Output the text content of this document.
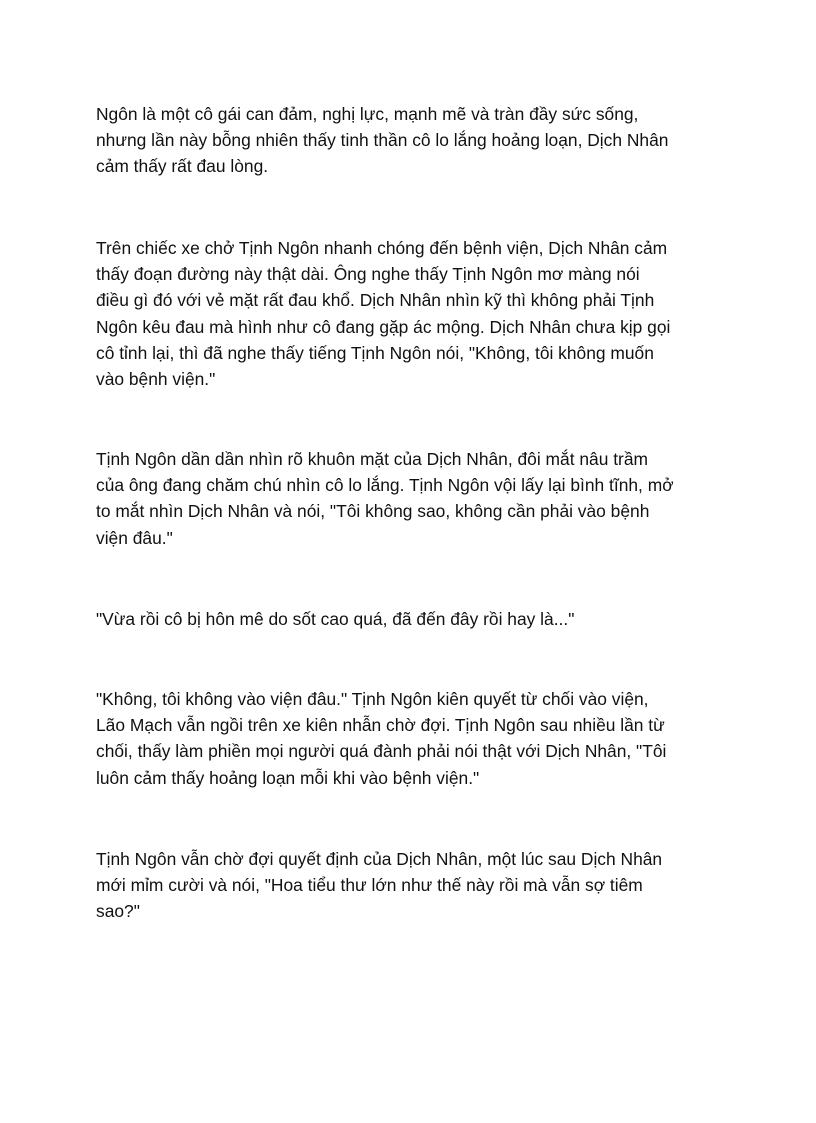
Ngôn là một cô gái can đảm, nghị lực, mạnh mẽ và tràn đầy sức sống,
nhưng lần này bỗng nhiên thấy tinh thần cô lo lắng hoảng loạn, Dịch Nhân
cảm thấy rất đau lòng.

Trên chiếc xe chở Tịnh Ngôn nhanh chóng đến bệnh viện, Dịch Nhân cảm
thấy đoạn đường này thật dài. Ông nghe thấy Tịnh Ngôn mơ màng nói
điều gì đó với vẻ mặt rất đau khổ. Dịch Nhân nhìn kỹ thì không phải Tịnh
Ngôn kêu đau mà hình như cô đang gặp ác mộng. Dịch Nhân chưa kịp gọi
cô tỉnh lại, thì đã nghe thấy tiếng Tịnh Ngôn nói, "Không, tôi không muốn
vào bệnh viện."

Tịnh Ngôn dần dần nhìn rõ khuôn mặt của Dịch Nhân, đôi mắt nâu trầm
của ông đang chăm chú nhìn cô lo lắng. Tịnh Ngôn vội lấy lại bình tĩnh, mở
to mắt nhìn Dịch Nhân và nói, "Tôi không sao, không cần phải vào bệnh
viện đâu."

"Vừa rồi cô bị hôn mê do sốt cao quá, đã đến đây rồi hay là..."

"Không, tôi không vào viện đâu." Tịnh Ngôn kiên quyết từ chối vào viện,
Lão Mạch vẫn ngồi trên xe kiên nhẫn chờ đợi. Tịnh Ngôn sau nhiều lần từ
chối, thấy làm phiền mọi người quá đành phải nói thật với Dịch Nhân, "Tôi
luôn cảm thấy hoảng loạn mỗi khi vào bệnh viện."

Tịnh Ngôn vẫn chờ đợi quyết định của Dịch Nhân, một lúc sau Dịch Nhân
mới mỉm cười và nói, "Hoa tiểu thư lớn như thế này rồi mà vẫn sợ tiêm
sao?"
